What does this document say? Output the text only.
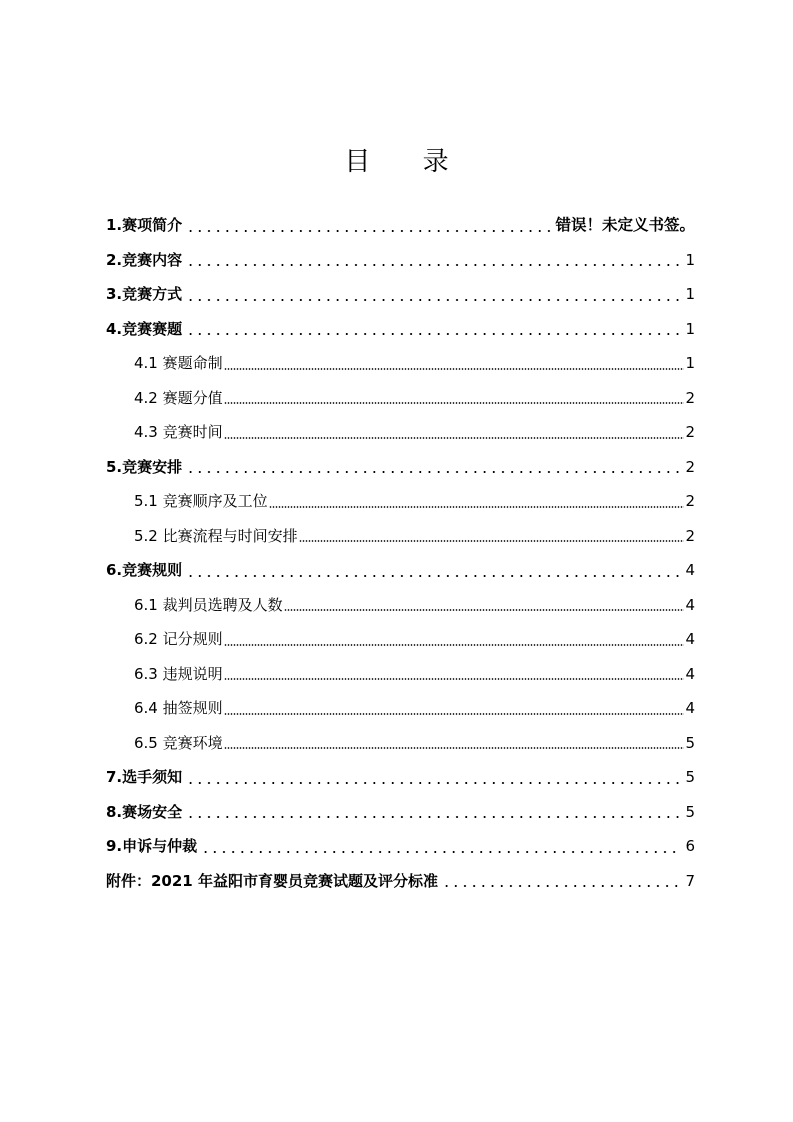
目 录
1.赛项简介	错误！未定义书签。
2.竞赛内容	1
3.竞赛方式	1
4.竞赛赛题	1
4.1 赛题命制	1
4.2 赛题分值	2
4.3 竞赛时间	2
5.竞赛安排	2
5.1 竞赛顺序及工位	2
5.2 比赛流程与时间安排	2
6.竞赛规则	4
6.1 裁判员选聘及人数	4
6.2 记分规则	4
6.3 违规说明	4
6.4 抽签规则	4
6.5 竞赛环境	5
7.选手须知	5
8.赛场安全	5
9.申诉与仲裁	6
附件：2021 年益阳市育婴员竞赛试题及评分标准	7
